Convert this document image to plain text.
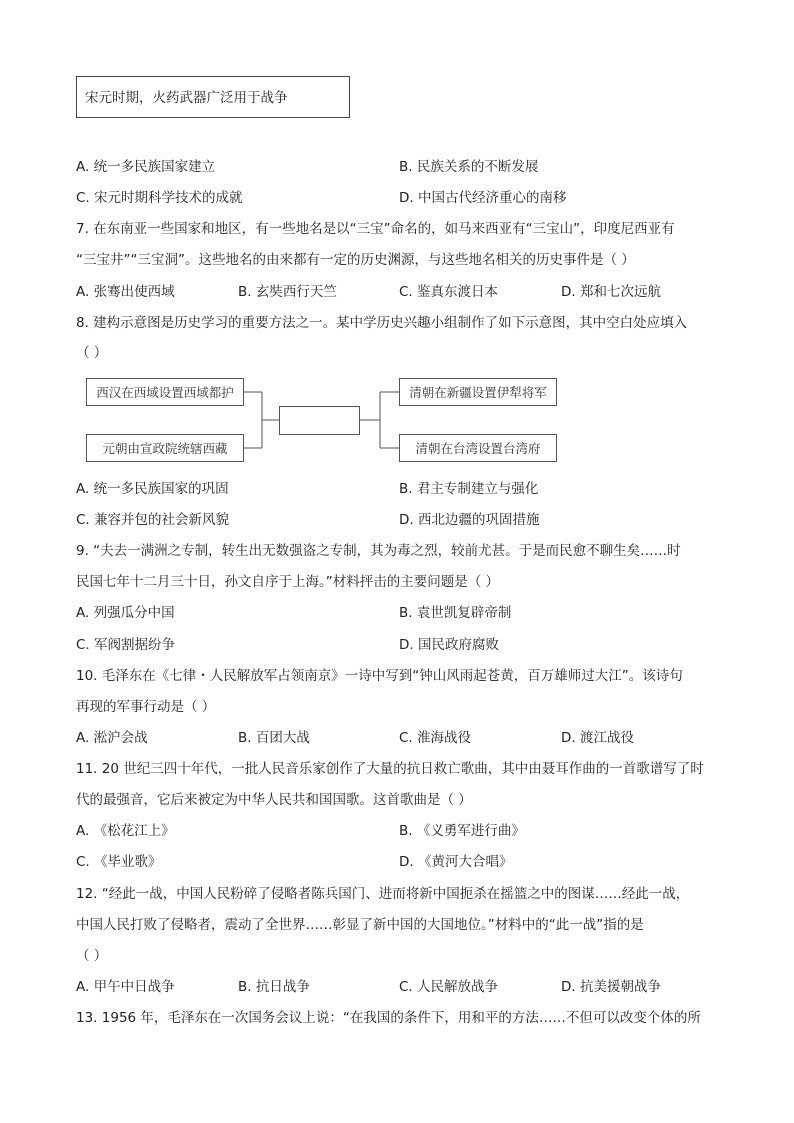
宋元时期，火药武器广泛用于战争
A. 统一多民族国家建立	B. 民族关系的不断发展
C. 宋元时期科学技术的成就	D. 中国古代经济重心的南移
7. 在东南亚一些国家和地区，有一些地名是以“三宝”命名的，如马来西亚有“三宝山”，印度尼西亚有
“三宝井”“三宝洞”。这些地名的由来都有一定的历史渊源，与这些地名相关的历史事件是（ ）
A. 张骞出使西域	B. 玄奘西行天竺	C. 鉴真东渡日本	D. 郑和七次远航
8. 建构示意图是历史学习的重要方法之一。某中学历史兴趣小组制作了如下示意图，其中空白处应填入
（ ）
西汉在西域设置西域都护
元朝由宣政院统辖西藏
清朝在新疆设置伊犁将军
清朝在台湾设置台湾府
A. 统一多民族国家的巩固	B. 君主专制建立与强化
C. 兼容并包的社会新风貌	D. 西北边疆的巩固措施
9. “夫去一满洲之专制，转生出无数强盗之专制，其为毒之烈，较前尤甚。于是而民愈不聊生矣……时
民国七年十二月三十日，孙文自序于上海。”材料抨击的主要问题是（ ）
A. 列强瓜分中国	B. 袁世凯复辟帝制
C. 军阀割据纷争	D. 国民政府腐败
10. 毛泽东在《七律・人民解放军占领南京》一诗中写到“钟山风雨起苍黄，百万雄师过大江”。该诗句
再现的军事行动是（ ）
A. 淞沪会战	B. 百团大战	C. 淮海战役	D. 渡江战役
11. 20 世纪三四十年代，一批人民音乐家创作了大量的抗日救亡歌曲，其中由聂耳作曲的一首歌谱写了时
代的最强音，它后来被定为中华人民共和国国歌。这首歌曲是（ ）
A. 《松花江上》	B. 《义勇军进行曲》
C. 《毕业歌》	D. 《黄河大合唱》
12. “经此一战，中国人民粉碎了侵略者陈兵国门、进而将新中国扼杀在摇篮之中的图谋……经此一战，
中国人民打败了侵略者，震动了全世界……彰显了新中国的大国地位。”材料中的“此一战”指的是
（ ）
A. 甲午中日战争	B. 抗日战争	C. 人民解放战争	D. 抗美援朝战争
13. 1956 年，毛泽东在一次国务会议上说：“在我国的条件下，用和平的方法……不但可以改变个体的所
